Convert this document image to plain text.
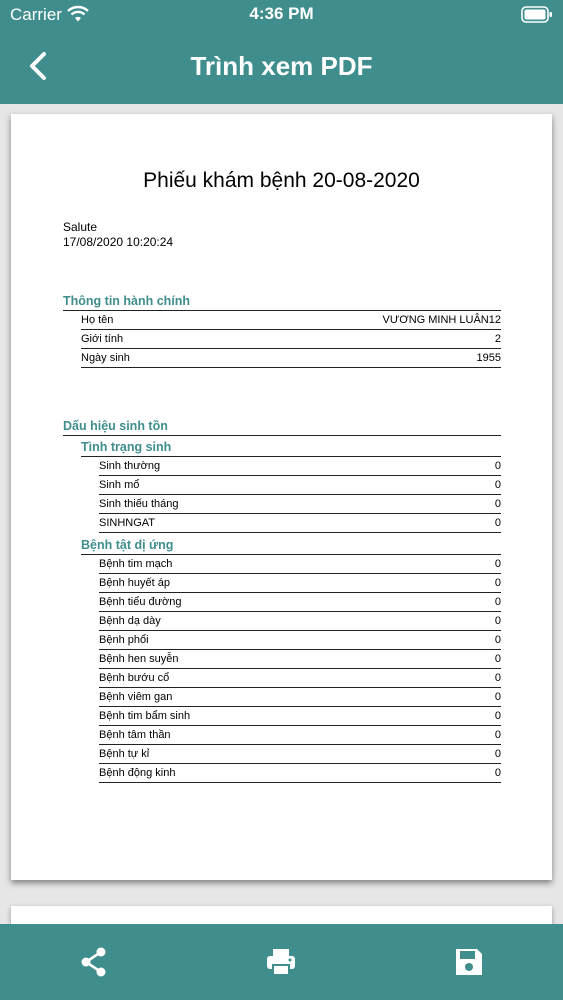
Carrier	4:36 PM
Trình xem PDF
Phiếu khám bệnh 20-08-2020
Salute
17/08/2020 10:20:24
Thông tin hành chính
Họ tên	VƯƠNG MINH LUÂN12
Giới tính	2
Ngày sinh	1955
Dấu hiệu sinh tồn
Tình trạng sinh
Sinh thường	0
Sinh mổ	0
Sinh thiếu tháng	0
SINHNGAT	0
Bệnh tật dị ứng
Bệnh tim mạch	0
Bệnh huyết áp	0
Bệnh tiểu đường	0
Bệnh dạ dày	0
Bệnh phổi	0
Bệnh hen suyễn	0
Bệnh bướu cổ	0
Bệnh viêm gan	0
Bệnh tim bẩm sinh	0
Bệnh tâm thần	0
Bệnh tự kỉ	0
Bệnh động kinh	0
